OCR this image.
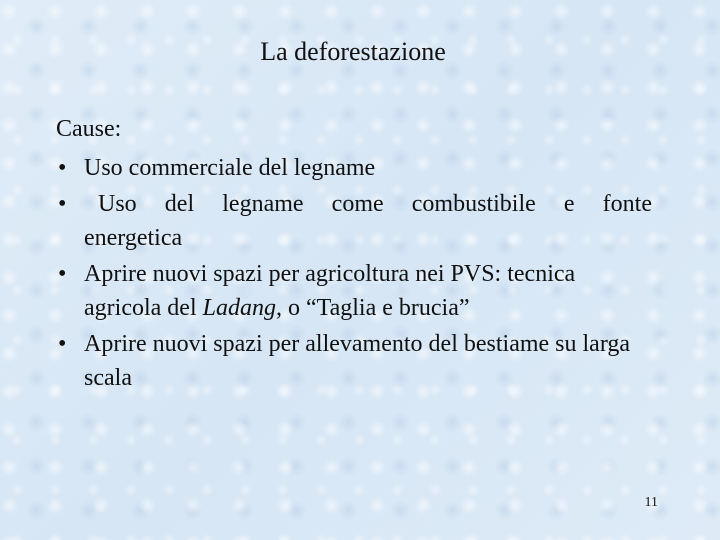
La deforestazione
Cause:
• Uso commerciale del legname
•	Uso del legname come combustibile e fonte
energetica
• Aprire nuovi spazi per agricoltura nei PVS: tecnica agricola del Ladang, o “Taglia e brucia”
• Aprire nuovi spazi per allevamento del bestiame su larga scala
11
